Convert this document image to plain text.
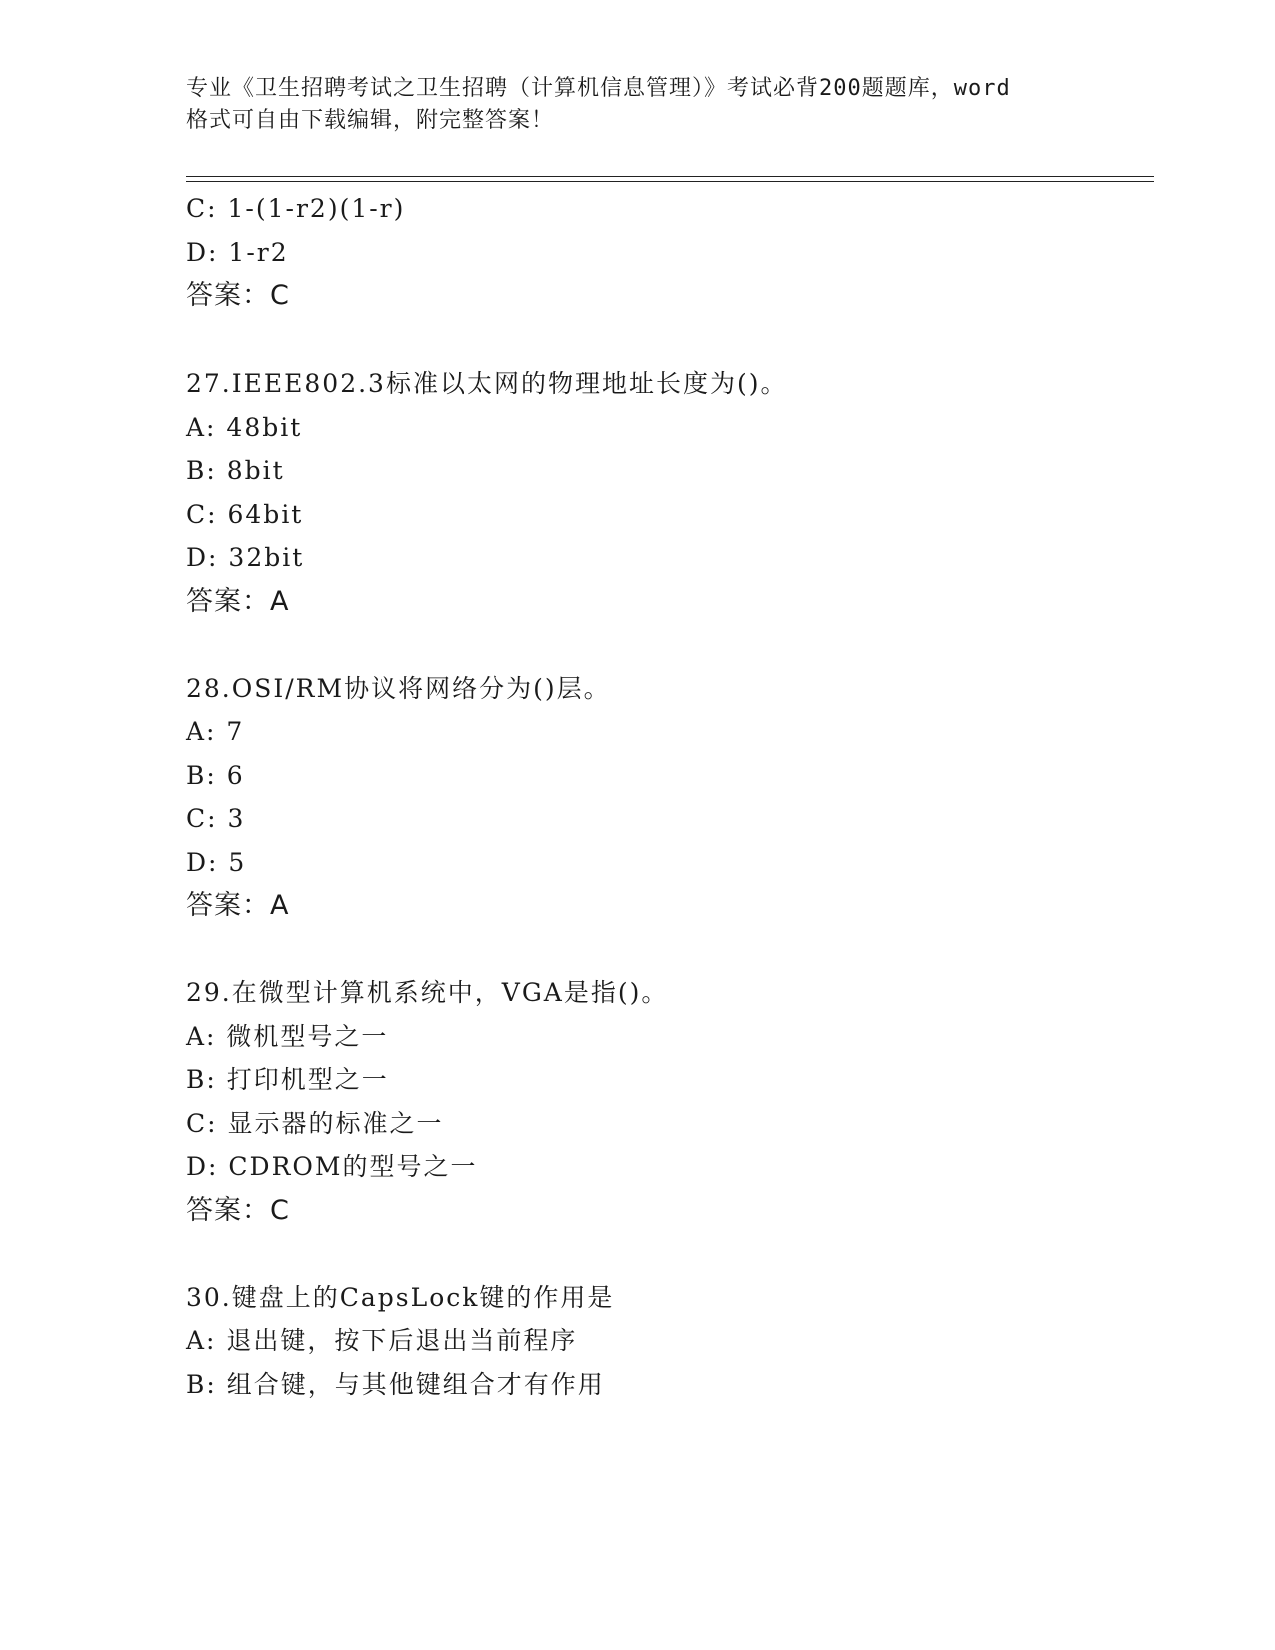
专业《卫生招聘考试之卫生招聘（计算机信息管理）》考试必背200题题库，word
格式可自由下载编辑，附完整答案！
C: 1-(1-r2)(1-r)
D: 1-r2
答案：C
27.IEEE802.3标准以太网的物理地址长度为()。
A: 48bit
B: 8bit
C: 64bit
D: 32bit
答案：A
28.OSI/RM协议将网络分为()层。
A: 7
B: 6
C: 3
D: 5
答案：A
29.在微型计算机系统中，VGA是指()。
A: 微机型号之一
B: 打印机型之一
C: 显示器的标准之一
D: CDROM的型号之一
答案：C
30.键盘上的CapsLock键的作用是
A: 退出键，按下后退出当前程序
B: 组合键，与其他键组合才有作用
